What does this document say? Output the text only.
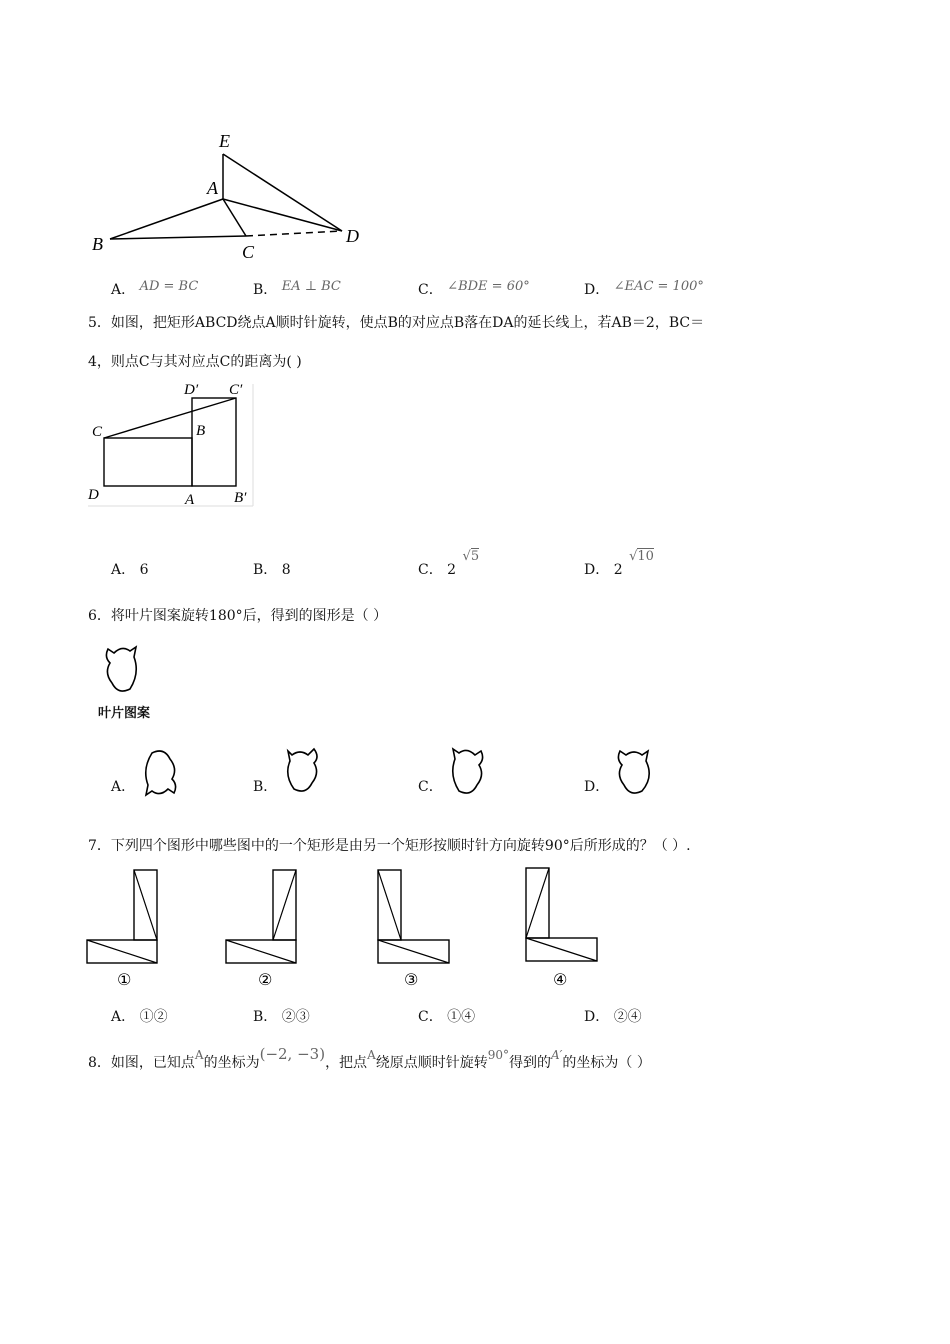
E
A
B	C
D
A． AD = BC	B． EA ⊥ BC	C． ∠BDE = 60°	D． ∠EAC = 100°
5．如图，把矩形ABCD绕点A顺时针旋转，使点B的对应点B落在DA的延长线上，若AB＝2，BC＝
4，则点C与其对应点C的距离为( )
C	B
D	A
D′ C′
B′
A． 6	B． 8	C． 2 √5
D． 2 √10
6．将叶片图案旋转180°后，得到的图形是（ ）
叶片图案
A．	B．	C．	D．
7．下列四个图形中哪些图中的一个矩形是由另一个矩形按顺时针方向旋转90°后所形成的？（ ）.
①	②	③	④
A． ①②	B． ②③	C． ①④	D． ②④
8．如图，已知点A的坐标为(−2, −3)，把点A绕原点顺时针旋转90°得到的A′的坐标为（ ）
